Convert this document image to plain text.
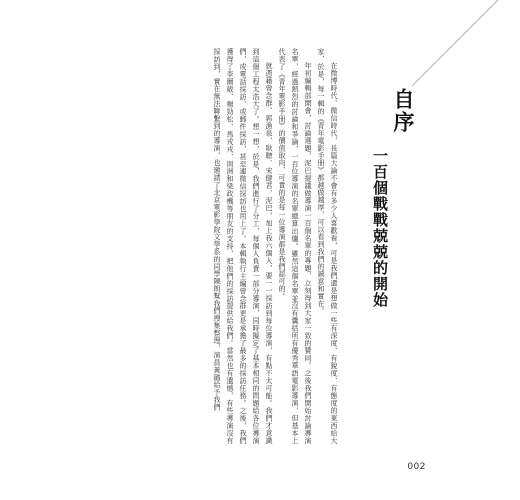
自序
一百個戰戰兢兢的開始

在微博時代、微信時代，長篇大論不會有多少人喜歡看，可是我們還是想做一些有深度、有銳度、有態度的東西給大家，於是，每一輯的《青年電影手冊》都越做越厚，可以看到我們的誠意和實在。

年初編輯部開會，討論選題，泥巴提議做導演一百個名單的專題，立刻得到大家一致的贊同。之後我們開始討論導演名單，經過熱烈的討論和爭論，一百位導演的名單總算出爐。雖然這個名單並沒有囊括所有優秀華語電影導演，但基本上代表了《青年電影手冊》的價值取向，可貴的是每一位導演都是我們認可的。

就憑藉曾念群、郭漁泉、耿聰、宋健君、泥巴，加上我六個人，要一一採訪到每位導演，有點不太可能。我們才意識到這個工程太浩大了。想一想，於是，我們進行了分工，每個人負責一部分導演，同時擬定了基本相同的問題給各位導演們，或電話採訪、或郵件採訪，甚至連微信採訪也用上了。本輯執行主編曾念群更是承擔了最多的採訪任務。之後，我們獲得了李爾葳、楊勁松、馬戎戎、周洲和梁政機等朋友的支持，把他們的採訪提供給我們。當然也有遺憾，有些導演沒有採訪到，實在無法聯繫到的導演，也邀請了北京電影學院文學系的同學陳朗幫我們搜集整理，演員黃璐給予我們

002
